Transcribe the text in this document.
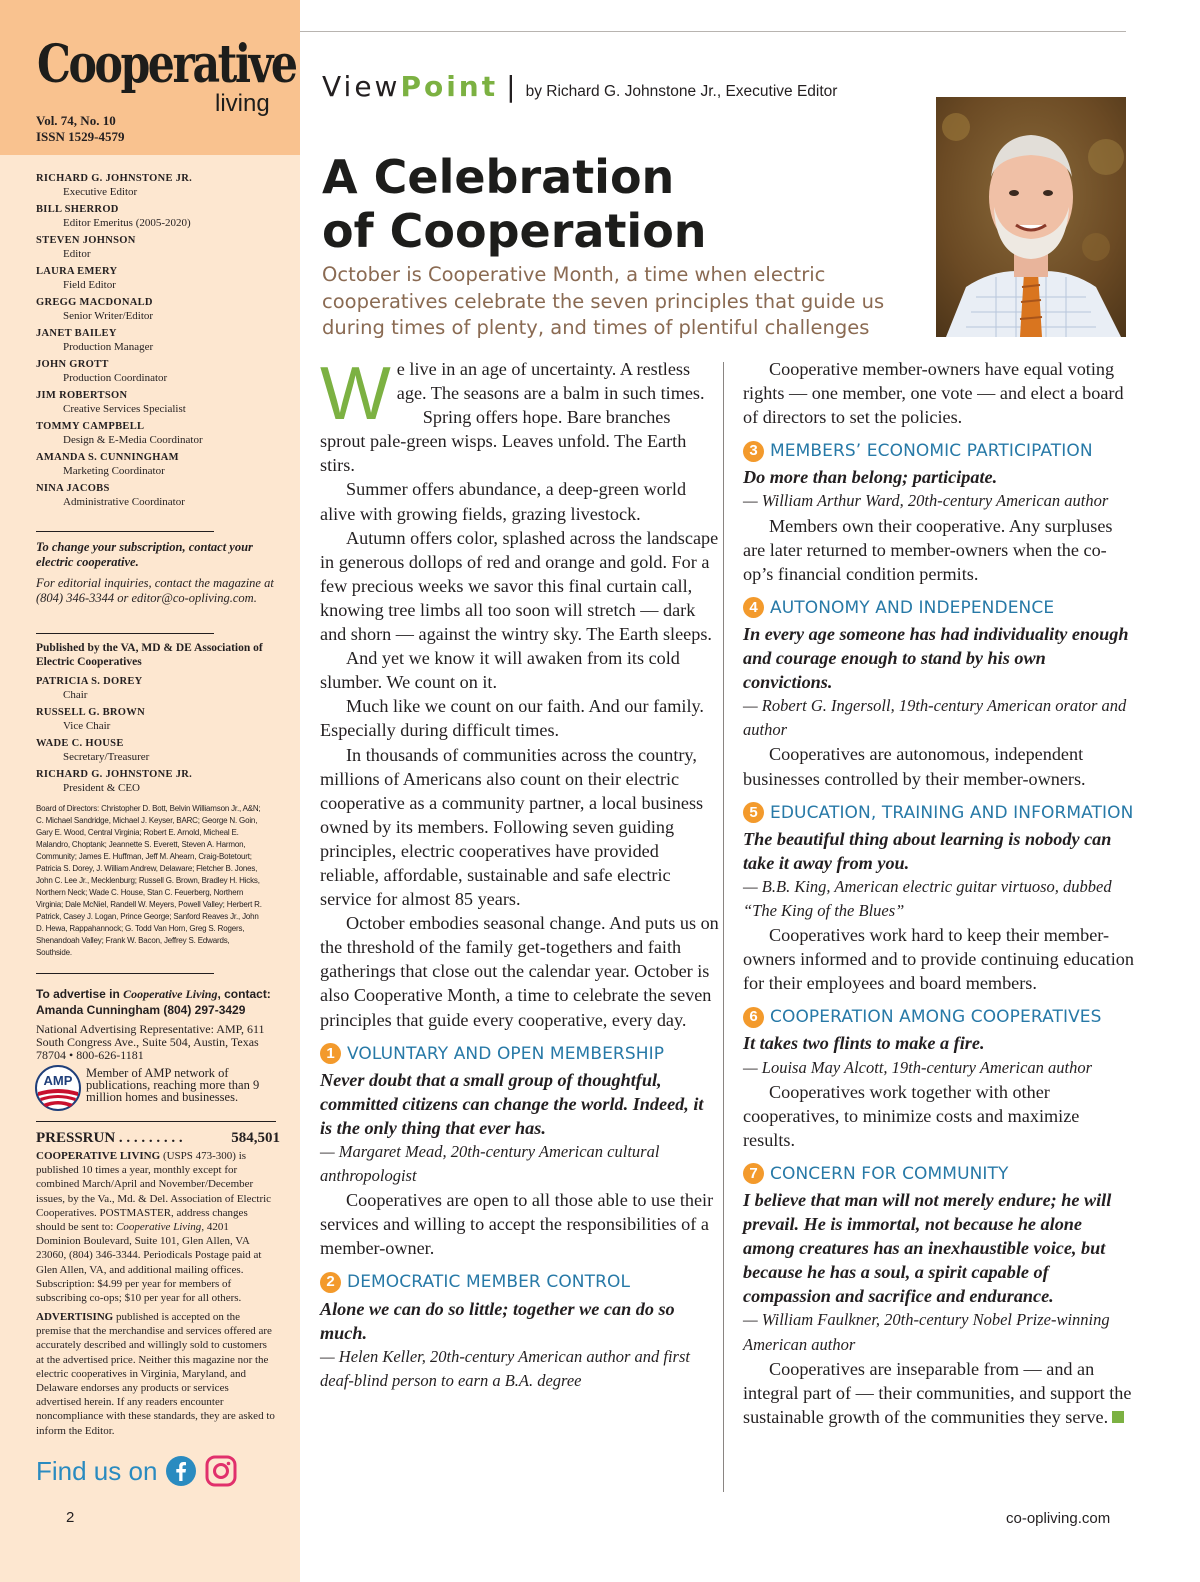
Cooperative
living
Vol. 74, No. 10
ISSN 1529-4579
RICHARD G. JOHNSTONE JR.
Executive Editor
BILL SHERROD
Editor Emeritus (2005-2020)
STEVEN JOHNSON
Editor
LAURA EMERY
Field Editor
GREGG MACDONALD
Senior Writer/Editor
JANET BAILEY
Production Manager
JOHN GROTT
Production Coordinator
JIM ROBERTSON
Creative Services Specialist
TOMMY CAMPBELL
Design & E-Media Coordinator
AMANDA S. CUNNINGHAM
Marketing Coordinator
NINA JACOBS
Administrative Coordinator

To change your subscription, contact your electric cooperative.

For editorial inquiries, contact the magazine at (804) 346-3344 or editor@co-opliving.com.

Published by the VA, MD & DE Association of Electric Cooperatives
PATRICIA S. DOREY
Chair
RUSSELL G. BROWN
Vice Chair
WADE C. HOUSE
Secretary/Treasurer
RICHARD G. JOHNSTONE JR.
President & CEO
Board of Directors: Christopher D. Bott, Belvin Williamson Jr., A&N; C. Michael Sandridge, Michael J. Keyser, BARC; George N. Goin, Gary E. Wood, Central Virginia; Robert E. Arnold, Micheal E. Malandro, Choptank; Jeannette S. Everett, Steven A. Harmon, Community; James E. Huffman, Jeff M. Ahearn, Craig-Botetourt; Patricia S. Dorey, J. William Andrew, Delaware; Fletcher B. Jones, John C. Lee Jr., Mecklenburg; Russell G. Brown, Bradley H. Hicks, Northern Neck; Wade C. House, Stan C. Feuerberg, Northern Virginia; Dale McNiel, Randell W. Meyers, Powell Valley; Herbert R. Patrick, Casey J. Logan, Prince George; Sanford Reaves Jr., John D. Hewa, Rappahannock; G. Todd Van Horn, Greg S. Rogers, Shenandoah Valley; Frank W. Bacon, Jeffrey S. Edwards, Southside.
To advertise in Cooperative Living, contact:
Amanda Cunningham (804) 297-3429
National Advertising Representative: AMP, 611 South Congress Ave., Suite 504, Austin, Texas 78704 • 800-626-1181
AMP Member of AMP network of publications, reaching more than 9 million homes and businesses.
PRESSRUN . . . . . . . . .	584,501
COOPERATIVE LIVING (USPS 473-300) is published 10 times a year, monthly except for combined March/April and November/December issues, by the Va., Md. & Del. Association of Electric Cooperatives. POSTMASTER, address changes should be sent to: Cooperative Living, 4201 Dominion Boulevard, Suite 101, Glen Allen, VA 23060, (804) 346-3344. Periodicals Postage paid at Glen Allen, VA, and additional mailing offices. Subscription: $4.99 per year for members of subscribing co-ops; $10 per year for all others.
ADVERTISING published is accepted on the premise that the merchandise and services offered are accurately described and willingly sold to customers at the advertised price. Neither this magazine nor the electric cooperatives in Virginia, Maryland, and Delaware endorses any products or services advertised herein. If any readers encounter noncompliance with these standards, they are asked to inform the Editor.
Find us on
2
View Point | by Richard G. Johnstone Jr., Executive Editor
A Celebration
of Cooperation
October is Cooperative Month, a time when electric cooperatives celebrate the seven principles that guide us during times of plenty, and times of plentiful challenges

We live in an age of uncertainty. A restless age. The seasons are a balm in such times.

Spring offers hope. Bare branches sprout pale-green wisps. Leaves unfold. The Earth stirs.

Summer offers abundance, a deep-green world alive with growing fields, grazing livestock.

Autumn offers color, splashed across the landscape in generous dollops of red and orange and gold. For a few precious weeks we savor this final curtain call, knowing tree limbs all too soon will stretch — dark and shorn — against the wintry sky. The Earth sleeps.

And yet we know it will awaken from its cold slumber. We count on it.

Much like we count on our faith. And our family. Especially during difficult times.

In thousands of communities across the country, millions of Americans also count on their electric cooperative as a community partner, a local business owned by its members. Following seven guiding principles, electric cooperatives have provided reliable, affordable, sustainable and safe electric service for almost 85 years.

October embodies seasonal change. And puts us on the threshold of the family get-togethers and faith gatherings that close out the calendar year. October is also Cooperative Month, a time to celebrate the seven principles that guide every cooperative, every day.

1 VOLUNTARY AND OPEN MEMBERSHIP

Never doubt that a small group of thoughtful, committed citizens can change the world. Indeed, it is the only thing that ever has.

— Margaret Mead, 20th-century American cultural anthropologist

Cooperatives are open to all those able to use their services and willing to accept the responsibilities of a member-owner.

2 DEMOCRATIC MEMBER CONTROL

Alone we can do so little; together we can do so much.

— Helen Keller, 20th-century American author and first deaf-blind person to earn a B.A. degree

Cooperative member-owners have equal voting rights — one member, one vote — and elect a board of directors to set the policies.

3 MEMBERS’ ECONOMIC PARTICIPATION

Do more than belong; participate.

— William Arthur Ward, 20th-century American author

Members own their cooperative. Any surpluses are later returned to member-owners when the co-op’s financial condition permits.

4 AUTONOMY AND INDEPENDENCE

In every age someone has had individuality enough and courage enough to stand by his own convictions.

— Robert G. Ingersoll, 19th-century American orator and author

Cooperatives are autonomous, independent businesses controlled by their member-owners.

5 EDUCATION, TRAINING AND INFORMATION

The beautiful thing about learning is nobody can take it away from you.

— B.B. King, American electric guitar virtuoso, dubbed “The King of the Blues”

Cooperatives work hard to keep their member-owners informed and to provide continuing education for their employees and board members.

6 COOPERATION AMONG COOPERATIVES

It takes two flints to make a fire.

— Louisa May Alcott, 19th-century American author

Cooperatives work together with other cooperatives, to minimize costs and maximize results.

7 CONCERN FOR COMMUNITY

I believe that man will not merely endure; he will prevail. He is immortal, not because he alone among creatures has an inexhaustible voice, but because he has a soul, a spirit capable of compassion and sacrifice and endurance.

— William Faulkner, 20th-century Nobel Prize-winning American author

Cooperatives are inseparable from — and an integral part of — their communities, and support the sustainable growth of the communities they serve.

co-opliving.com
